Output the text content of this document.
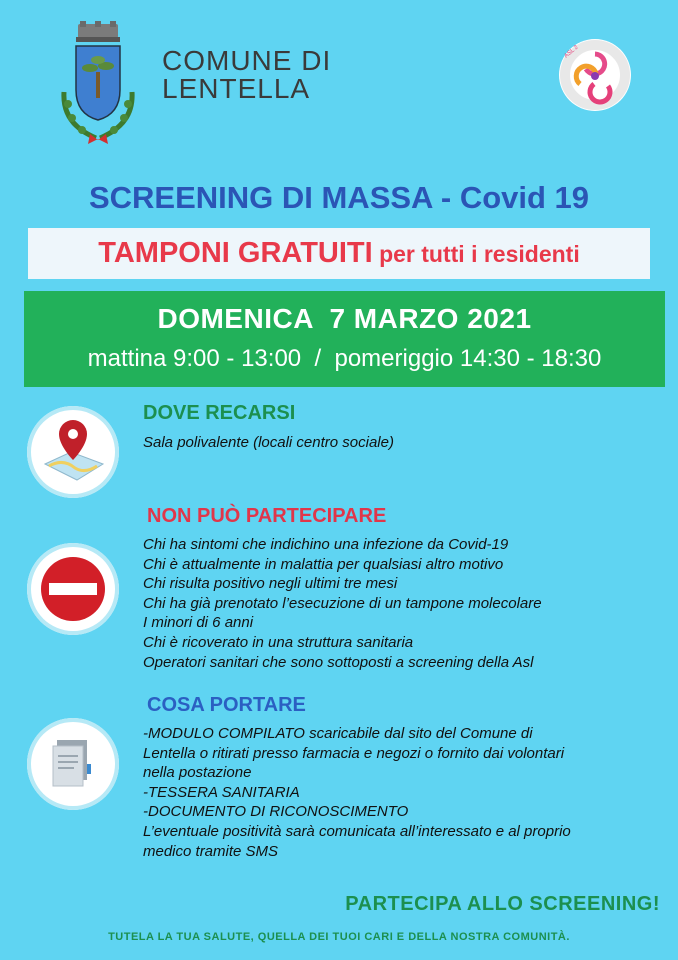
COMUNE DI
LENTELLA
ASL 2
SCREENING DI MASSA - Covid 19
TAMPONI GRATUITI per tutti i residenti
DOMENICA  7 MARZO 2021
mattina 9:00 - 13:00  /  pomeriggio 14:30 - 18:30
DOVE RECARSI
Sala polivalente (locali centro sociale)
NON PUÒ PARTECIPARE
Chi ha sintomi che indichino una infezione da Covid-19
Chi è attualmente in malattia per qualsiasi altro motivo
Chi risulta positivo negli ultimi tre mesi
Chi ha già prenotato l’esecuzione di un tampone molecolare
I minori di 6 anni
Chi è ricoverato in una struttura sanitaria
Operatori sanitari che sono sottoposti a screening della Asl
COSA PORTARE
-MODULO COMPILATO scaricabile dal sito del Comune di
Lentella o ritirati presso farmacia e negozi o fornito dai volontari
nella postazione
-TESSERA SANITARIA
-DOCUMENTO DI RICONOSCIMENTO
L’eventuale positività sarà comunicata all’interessato e al proprio
medico tramite SMS
PARTECIPA ALLO SCREENING!
TUTELA LA TUA SALUTE, QUELLA DEI TUOI CARI E DELLA NOSTRA COMUNITÀ.
